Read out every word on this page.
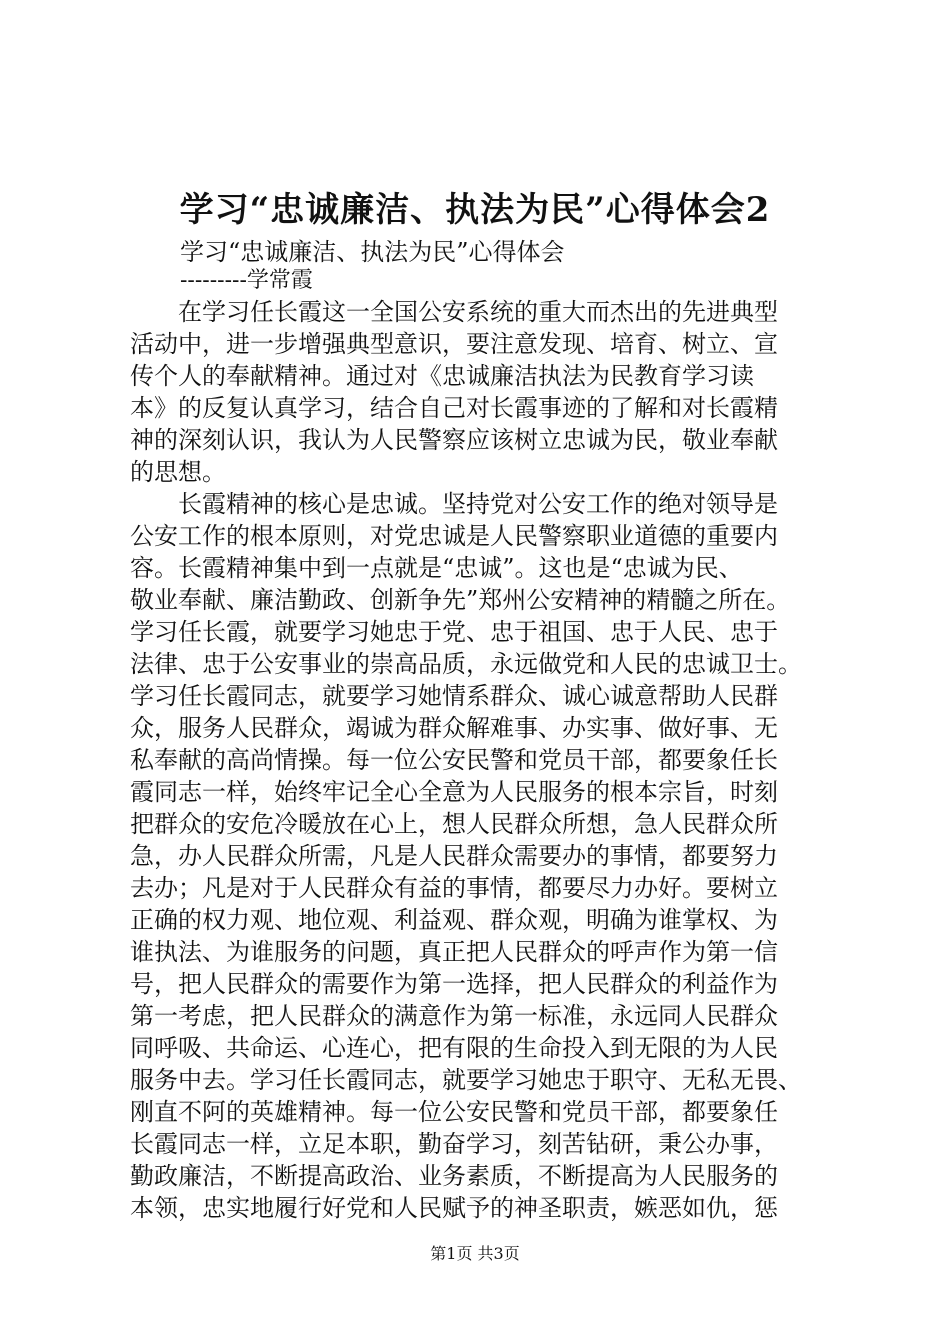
学习“忠诚廉洁、执法为民”心得体会2
学习“忠诚廉洁、执法为民”心得体会
---------学常霞
　　在学习任长霞这一全国公安系统的重大而杰出的先进典型
活动中，进一步增强典型意识，要注意发现、培育、树立、宣
传个人的奉献精神。通过对《忠诚廉洁执法为民教育学习读
本》的反复认真学习，结合自己对长霞事迹的了解和对长霞精
神的深刻认识，我认为人民警察应该树立忠诚为民，敬业奉献
的思想。
　　长霞精神的核心是忠诚。坚持党对公安工作的绝对领导是
公安工作的根本原则，对党忠诚是人民警察职业道德的重要内
容。长霞精神集中到一点就是“忠诚”。这也是“忠诚为民、
敬业奉献、廉洁勤政、创新争先”郑州公安精神的精髓之所在。
学习任长霞，就要学习她忠于党、忠于祖国、忠于人民、忠于
法律、忠于公安事业的崇高品质，永远做党和人民的忠诚卫士。
学习任长霞同志，就要学习她情系群众、诚心诚意帮助人民群
众，服务人民群众，竭诚为群众解难事、办实事、做好事、无
私奉献的高尚情操。每一位公安民警和党员干部，都要象任长
霞同志一样，始终牢记全心全意为人民服务的根本宗旨，时刻
把群众的安危冷暖放在心上，想人民群众所想，急人民群众所
急，办人民群众所需，凡是人民群众需要办的事情，都要努力
去办；凡是对于人民群众有益的事情，都要尽力办好。要树立
正确的权力观、地位观、利益观、群众观，明确为谁掌权、为
谁执法、为谁服务的问题，真正把人民群众的呼声作为第一信
号，把人民群众的需要作为第一选择，把人民群众的利益作为
第一考虑，把人民群众的满意作为第一标准，永远同人民群众
同呼吸、共命运、心连心，把有限的生命投入到无限的为人民
服务中去。学习任长霞同志，就要学习她忠于职守、无私无畏、
刚直不阿的英雄精神。每一位公安民警和党员干部，都要象任
长霞同志一样，立足本职，勤奋学习，刻苦钻研，秉公办事，
勤政廉洁，不断提高政治、业务素质，不断提高为人民服务的
本领，忠实地履行好党和人民赋予的神圣职责，嫉恶如仇，惩
第1页 共3页
